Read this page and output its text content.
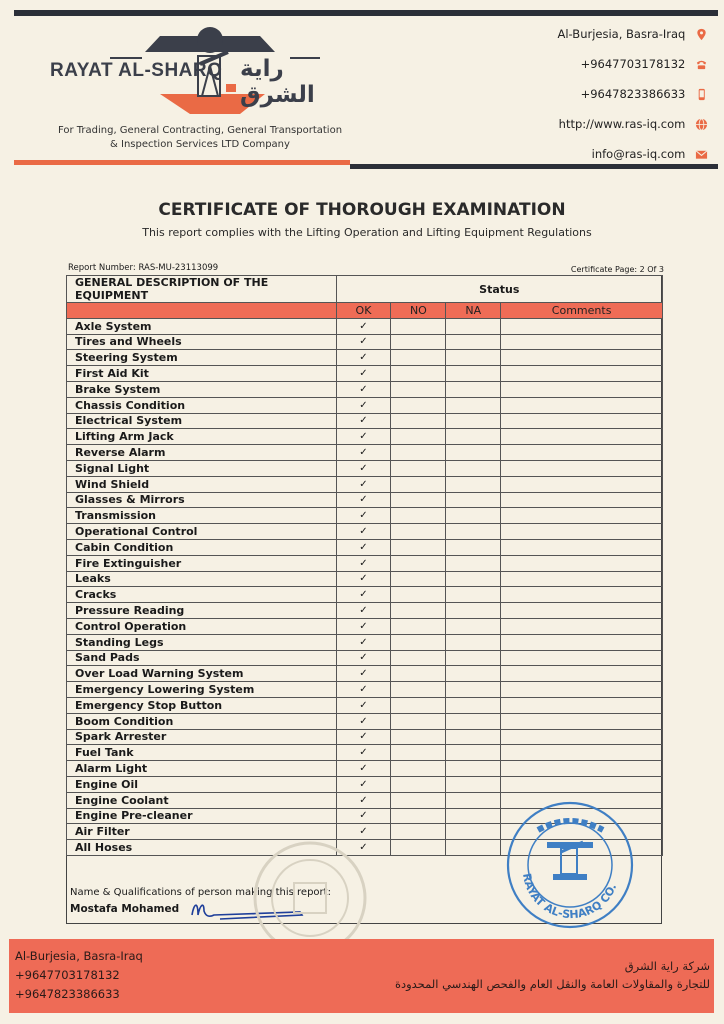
RAYAT AL-SHARQ راية الشرق
For Trading, General Contracting, General Transportation
& Inspection Services LTD Company
Al-Burjesia, Basra-Iraq
+9647703178132
+9647823386633
http://www.ras-iq.com
info@ras-iq.com
CERTIFICATE OF THOROUGH EXAMINATION
This report complies with the Lifting Operation and Lifting Equipment Regulations
Report Number: RAS-MU-23113099	Certificate Page: 2 Of 3
GENERAL DESCRIPTION OF THE EQUIPMENT	Status			
	OK	NO	NA	Comments
Axle System	✓			
Tires and Wheels	✓			
Steering System	✓			
First Aid Kit	✓			
Brake System	✓			
Chassis Condition	✓			
Electrical System	✓			
Lifting Arm Jack	✓			
Reverse Alarm	✓			
Signal Light	✓			
Wind Shield	✓			
Glasses & Mirrors	✓			
Transmission	✓			
Operational Control	✓			
Cabin Condition	✓			
Fire Extinguisher	✓			
Leaks	✓			
Cracks	✓			
Pressure Reading	✓			
Control Operation	✓			
Standing Legs	✓			
Sand Pads	✓			
Over Load Warning System	✓			
Emergency Lowering System	✓			
Emergency Stop Button	✓			
Boom Condition	✓			
Spark Arrester	✓			
Fuel Tank	✓			
Alarm Light	✓			
Engine Oil	✓			
Engine Coolant	✓			
Engine Pre-cleaner	✓			
Air Filter	✓			
All Hoses	✓			
Name & Qualifications of person making this report:
Mostafa Mohamed
RAYAT AL-SHARQ CO.
Al-Burjesia, Basra-Iraq
+9647703178132
+9647823386633
شركة راية الشرق
للتجارة والمقاولات العامة والنقل العام والفحص الهندسي المحدودة
